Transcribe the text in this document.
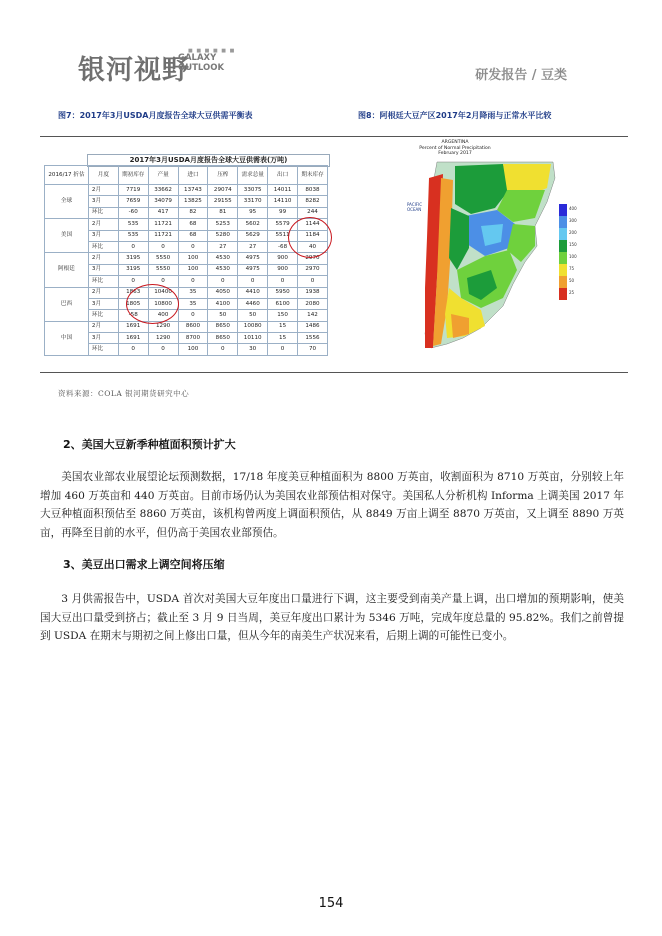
银河视野
■ ■ ■ ■ ■ ■
GALAXY
OUTLOOK	研发报告 / 豆类
图7：2017年3月USDA月度报告全球大豆供需平衡表	图8：阿根廷大豆产区2017年2月降雨与正常水平比较
2017年3月USDA月度报告全球大豆供需表(万吨)
2016/17 折估	月度	期初库存	产量	进口	压榨	需求总量	出口	期末库存
全球	2月	7719	33662	13743	29074	33075	14011	8038
	3月	7659	34079	13825	29155	33170	14110	8282
	环比	-60	417	82	81	95	99	244
美国	2月	535	11721	68	5253	5602	5579	1144
	3月	535	11721	68	5280	5629	5511	1184
	环比	0	0	0	27	27	-68	40
阿根廷	2月	3195	5550	100	4530	4975	900	2970
	3月	3195	5550	100	4530	4975	900	2970
	环比	0	0	0	0	0	0	0
巴西	2月	1863	10400	35	4050	4410	5950	1938
	3月	1805	10800	35	4100	4460	6100	2080
	环比	-58	400	0	50	50	150	142
中国	2月	1691	1290	8600	8650	10080	15	1486
	3月	1691	1290	8700	8650	10110	15	1556
	环比	0	0	100	0	30	0	70
ARGENTINA
Percent of Normal Precipitation
February 2017
PACIFIC
OCEAN	400
300
200
150
100
75
50
25
资料来源：COLA 银河期货研究中心
2、美国大豆新季种植面积预计扩大

美国农业部农业展望论坛预测数据，17/18 年度美豆种植面积为 8800 万英亩，收割面积为 8710 万英亩，分别较上年增加 460 万英亩和 440 万英亩。目前市场仍认为美国农业部预估相对保守。美国私人分析机构 Informa 上调美国 2017 年大豆种植面积预估至 8860 万英亩，该机构曾两度上调面积预估，从 8849 万亩上调至 8870 万英亩，又上调至 8890 万英亩，再降至目前的水平，但仍高于美国农业部预估。

3、美豆出口需求上调空间将压缩

3 月供需报告中，USDA 首次对美国大豆年度出口量进行下调，这主要受到南美产量上调，出口增加的预期影响，使美国大豆出口量受到挤占；截止至 3 月 9 日当周，美豆年度出口累计为 5346 万吨，完成年度总量的 95.82%。我们之前曾提到 USDA 在期末与期初之间上修出口量，但从今年的南美生产状况来看，后期上调的可能性已变小。

154
